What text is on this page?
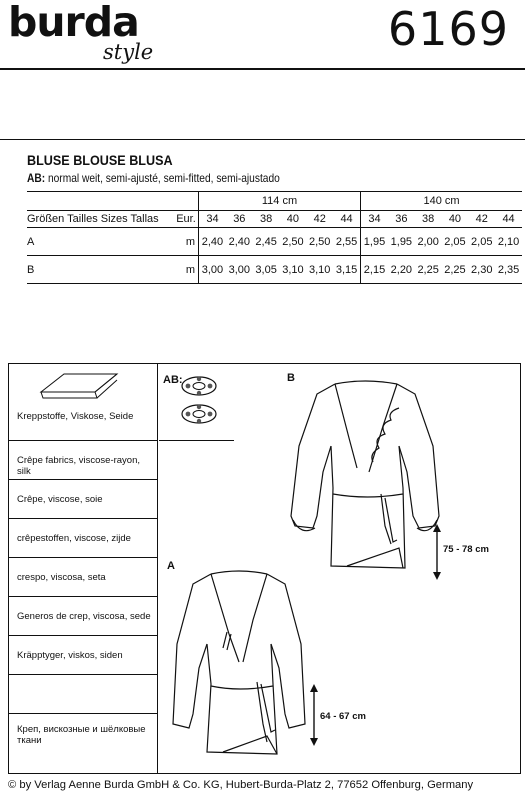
burda
style	6169
BLUSE BLOUSE BLUSA
AB: normal weit, semi-ajusté, semi-fitted, semi-ajustado
		114 cm						140 cm					
Größen Tailles Sizes Tallas	Eur.	34	36	38	40	42	44	34	36	38	40	42	44
A	m	2,40	2,40	2,45	2,50	2,50	2,55	1,95	1,95	2,00	2,05	2,05	2,10
B	m	3,00	3,00	3,05	3,10	3,10	3,15	2,15	2,20	2,25	2,25	2,30	2,35
Kreppstoffe, Viskose, Seide
Crêpe fabrics, viscose-rayon, silk
Crêpe, viscose, soie
crêpestoffen, viscose, zijde
crespo, viscosa, seta
Generos de crep, viscosa, sede
Kräpptyger, viskos, siden
Креп, вискозные и шёлковые ткани
AB:	B
75 - 78 cm
A
64 - 67 cm
© by Verlag Aenne Burda GmbH & Co. KG, Hubert-Burda-Platz 2, 77652 Offenburg, Germany
